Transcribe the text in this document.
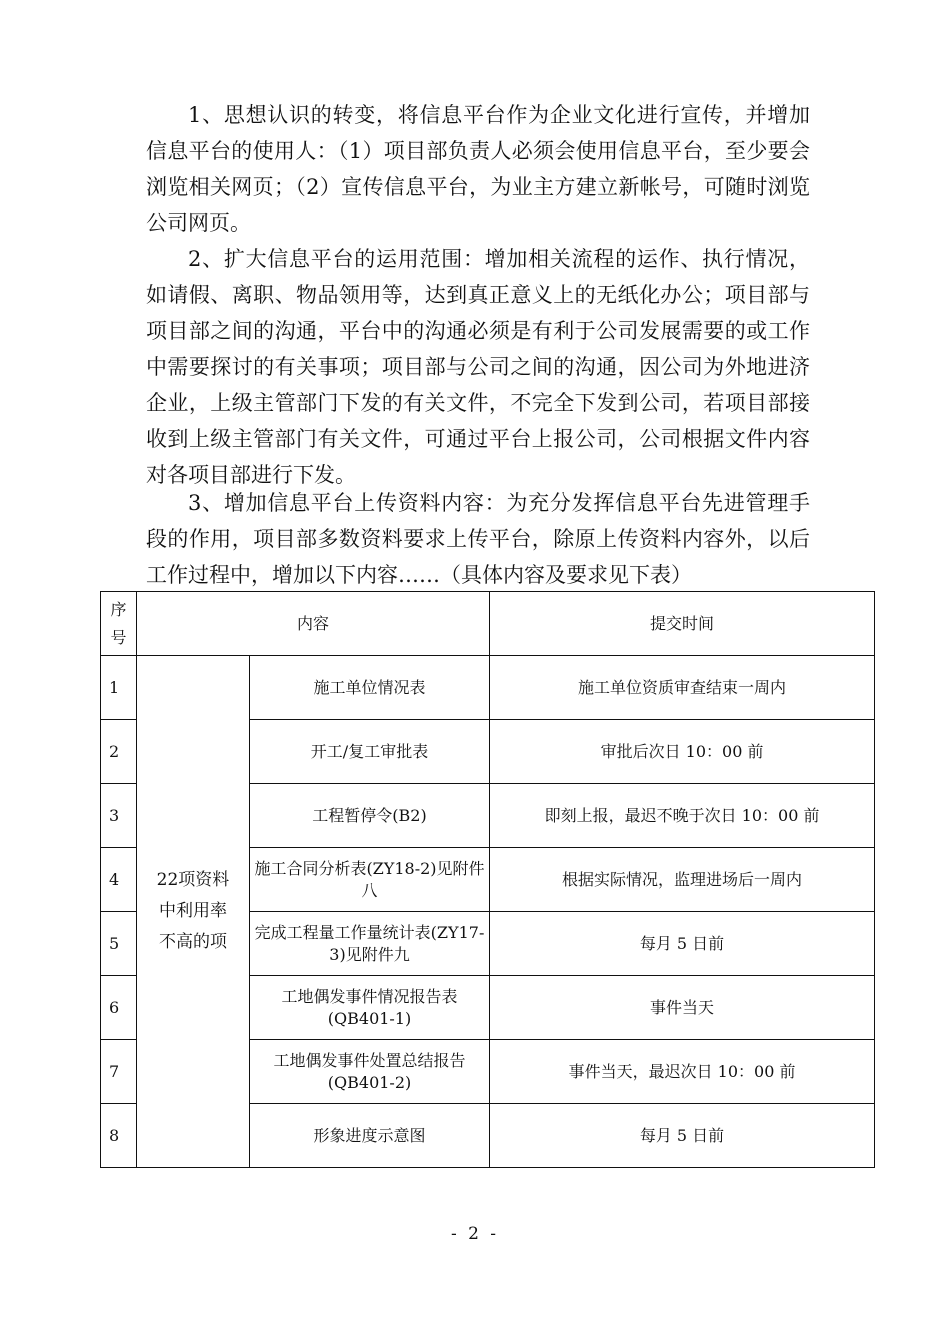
1、思想认识的转变，将信息平台作为企业文化进行宣传，并增加信息平台的使用人：（1）项目部负责人必须会使用信息平台，至少要会浏览相关网页；（2）宣传信息平台，为业主方建立新帐号，可随时浏览公司网页。

2、扩大信息平台的运用范围：增加相关流程的运作、执行情况，如请假、离职、物品领用等，达到真正意义上的无纸化办公；项目部与项目部之间的沟通，平台中的沟通必须是有利于公司发展需要的或工作中需要探讨的有关事项；项目部与公司之间的沟通，因公司为外地进济企业，上级主管部门下发的有关文件，不完全下发到公司，若项目部接收到上级主管部门有关文件，可通过平台上报公司，公司根据文件内容对各项目部进行下发。

3、增加信息平台上传资料内容：为充分发挥信息平台先进管理手段的作用，项目部多数资料要求上传平台，除原上传资料内容外，以后工作过程中，增加以下内容……（具体内容及要求见下表）

序号	内容		提交时间
1	22项资料中利用率不高的项	施工单位情况表	施工单位资质审查结束一周内
2		开工/复工审批表	审批后次日 10：00 前
3		工程暂停令(B2)	即刻上报，最迟不晚于次日 10：00 前
4		施工合同分析表(ZY18-2)见附件八	根据实际情况，监理进场后一周内
5		完成工程量工作量统计表(ZY17-3)见附件九	每月 5 日前
6		工地偶发事件情况报告表(QB401-1)	事件当天
7		工地偶发事件处置总结报告(QB401-2)	事件当天，最迟次日 10：00 前
8		形象进度示意图	每月 5 日前
- 2 -
